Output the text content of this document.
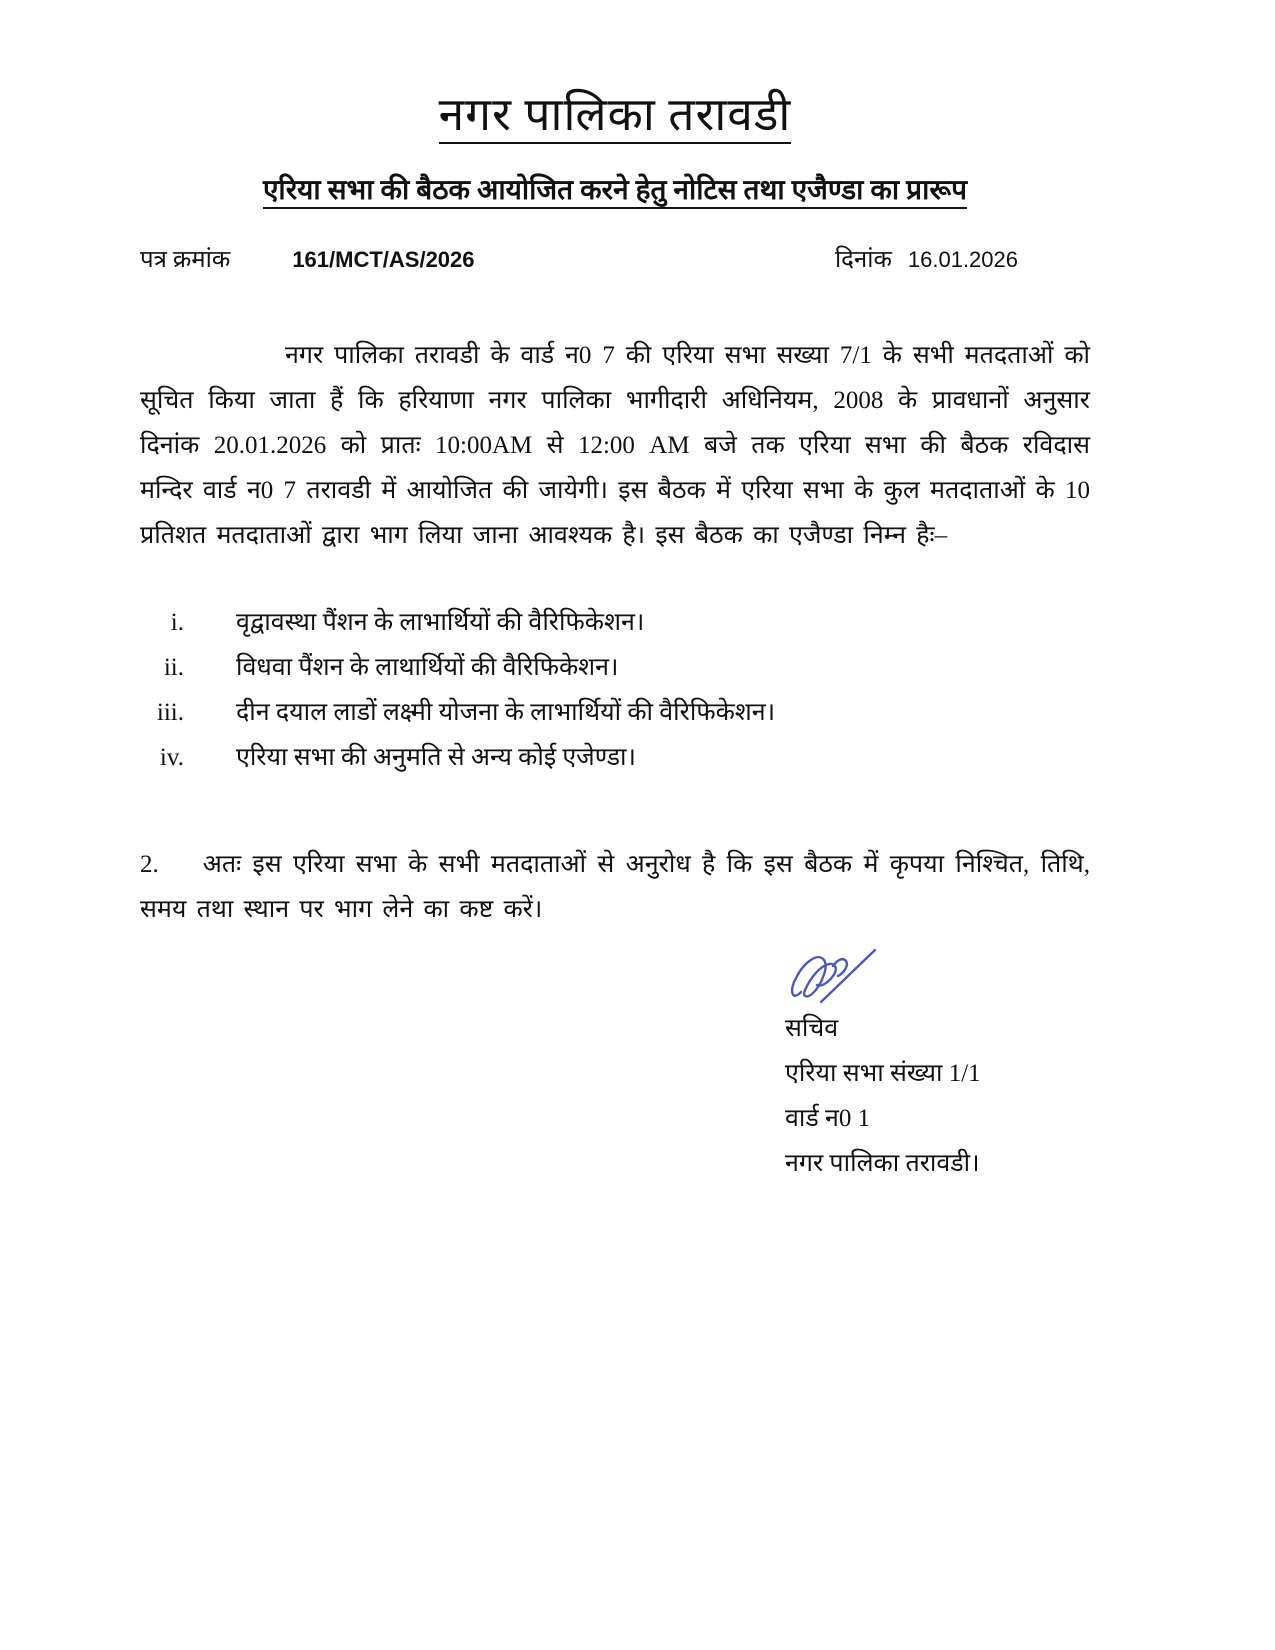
नगर पालिका तरावडी
एरिया सभा की बैठक आयोजित करने हेतु नोटिस तथा एजैण्डा का प्रारूप
पत्र क्रमांक	161/MCT/AS/2026	दिनांक 16.01.2026

नगर पालिका तरावडी के वार्ड न0 7 की एरिया सभा सख्या 7/1 के सभी मतदताओं को सूचित किया जाता हैं कि हरियाणा नगर पालिका भागीदारी अधिनियम, 2008 के प्रावधानों अनुसार दिनांक 20.01.2026 को प्रातः 10:00AM से 12:00 AM बजे तक एरिया सभा की बैठक रविदास मन्दिर वार्ड न0 7 तरावडी में आयोजित की जायेगी। इस बैठक में एरिया सभा के कुल मतदाताओं के 10 प्रतिशत मतदाताओं द्वारा भाग लिया जाना आवश्यक है। इस बैठक का एजैण्डा निम्न हैः–

i. वृद्वावस्था पैंशन के लाभार्थियों की वैरिफिकेशन।
ii. विधवा पैंशन के लाथार्थियों की वैरिफिकेशन।
iii. दीन दयाल लाडों लक्ष्मी योजना के लाभार्थियों की वैरिफिकेशन।
iv. एरिया सभा की अनुमति से अन्य कोई एजेण्डा।

2. अतः इस एरिया सभा के सभी मतदाताओं से अनुरोध है कि इस बैठक में कृपया निश्चित, तिथि, समय तथा स्थान पर भाग लेने का कष्ट करें।

सचिव
एरिया सभा संख्या 1/1
वार्ड न0 1
नगर पालिका तरावडी।
